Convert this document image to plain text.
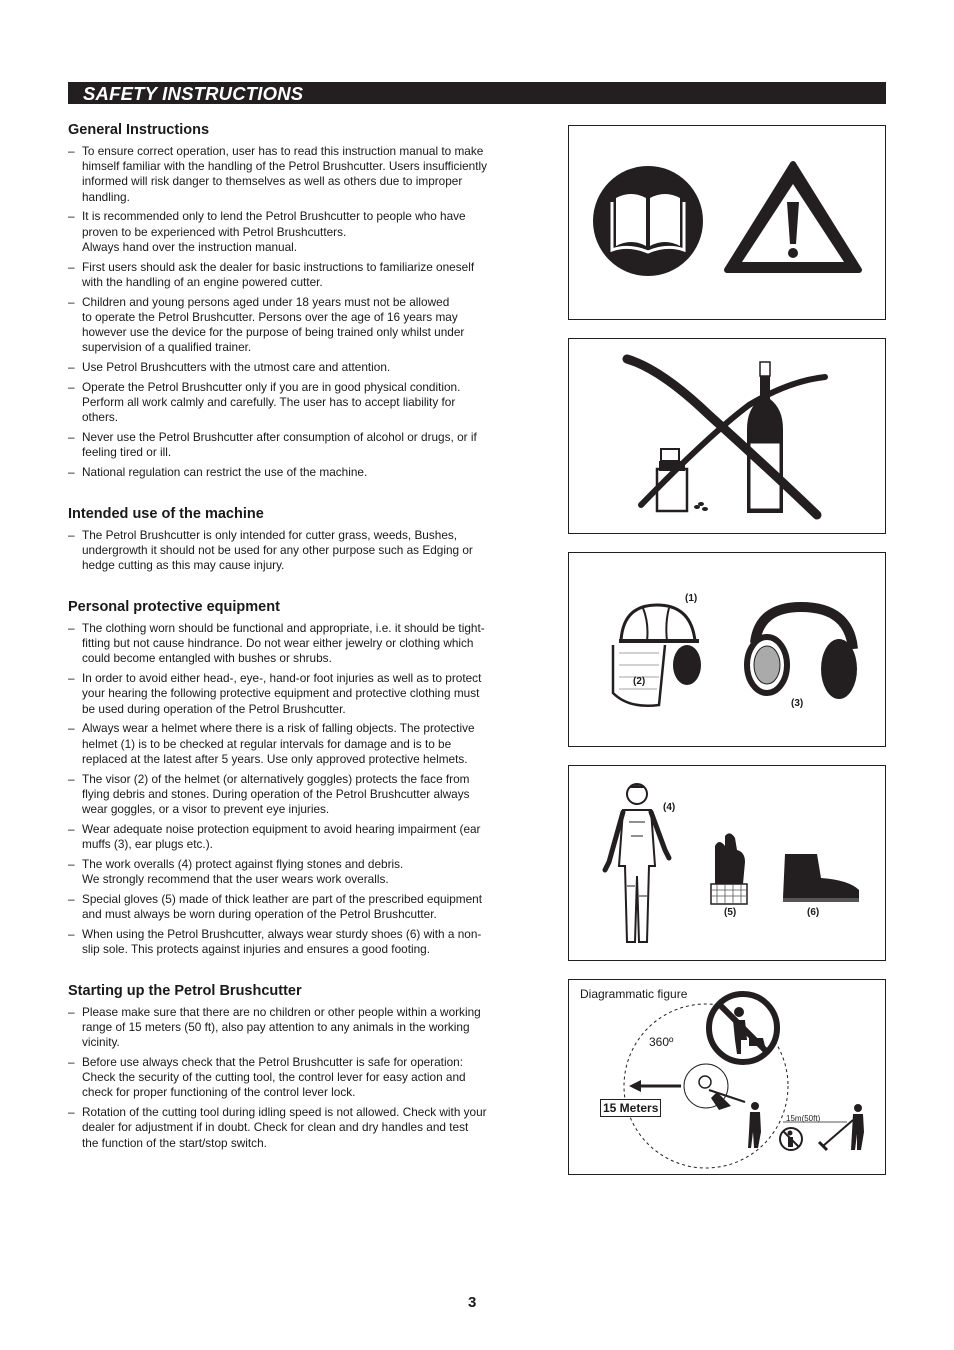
SAFETY INSTRUCTIONS
General Instructions
– To ensure correct operation, user has to read this instruction manual to make
himself familiar with the handling of the Petrol Brushcutter. Users insufficiently
informed will risk danger to themselves as well as others due to improper
handling.
– It is recommended only to lend the Petrol Brushcutter to people who have
proven to be experienced with Petrol Brushcutters.
Always hand over the instruction manual.
– First users should ask the dealer for basic instructions to familiarize oneself
with the handling of an engine powered cutter.
– Children and young persons aged under 18 years must not be allowed
to operate the Petrol Brushcutter. Persons over the age of 16 years may
however use the device for the purpose of being trained only whilst under
supervision of a qualified trainer.
– Use Petrol Brushcutters with the utmost care and attention.
– Operate the Petrol Brushcutter only if you are in good physical condition.
Perform all work calmly and carefully. The user has to accept liability for
others.
– Never use the Petrol Brushcutter after consumption of alcohol or drugs, or if
feeling tired or ill.
– National regulation can restrict the use of the machine.
Intended use of the machine
– The Petrol Brushcutter is only intended for cutter grass, weeds, Bushes,
undergrowth it should not be used for any other purpose such as Edging or
hedge cutting as this may cause injury.
Personal protective equipment
– The clothing worn should be functional and appropriate, i.e. it should be tight-
fitting but not cause hindrance. Do not wear either jewelry or clothing which
could become entangled with bushes or shrubs.
– In order to avoid either head-, eye-, hand-or foot injuries as well as to protect
your hearing the following protective equipment and protective clothing must
be used during operation of the Petrol Brushcutter.
– Always wear a helmet where there is a risk of falling objects. The protective
helmet (1) is to be checked at regular intervals for damage and is to be
replaced at the latest after 5 years. Use only approved protective helmets.
– The visor (2) of the helmet (or alternatively goggles) protects the face from
flying debris and stones. During operation of the Petrol Brushcutter always
wear goggles, or a visor to prevent eye injuries.
– Wear adequate noise protection equipment to avoid hearing impairment (ear
muffs (3), ear plugs etc.).
– The work overalls (4) protect against flying stones and debris.
We strongly recommend that the user wears work overalls.
– Special gloves (5) made of thick leather are part of the prescribed equipment
and must always be worn during operation of the Petrol Brushcutter.
– When using the Petrol Brushcutter, always wear sturdy shoes (6) with a non-
slip sole. This protects against injuries and ensures a good footing.
Starting up the Petrol Brushcutter
– Please make sure that there are no children or other people within a working
range of 15 meters (50 ft), also pay attention to any animals in the working
vicinity.
– Before use always check that the Petrol Brushcutter is safe for operation:
Check the security of the cutting tool, the control lever for easy action and
check for proper functioning of the control lever lock.
– Rotation of the cutting tool during idling speed is not allowed. Check with your
dealer for adjustment if in doubt. Check for clean and dry handles and test
the function of the start/stop switch.
(1)
(2)
(3)
(4)
(5)	(6)
15m(50ft)
Diagrammatic figure
360º
15 Meters
3
